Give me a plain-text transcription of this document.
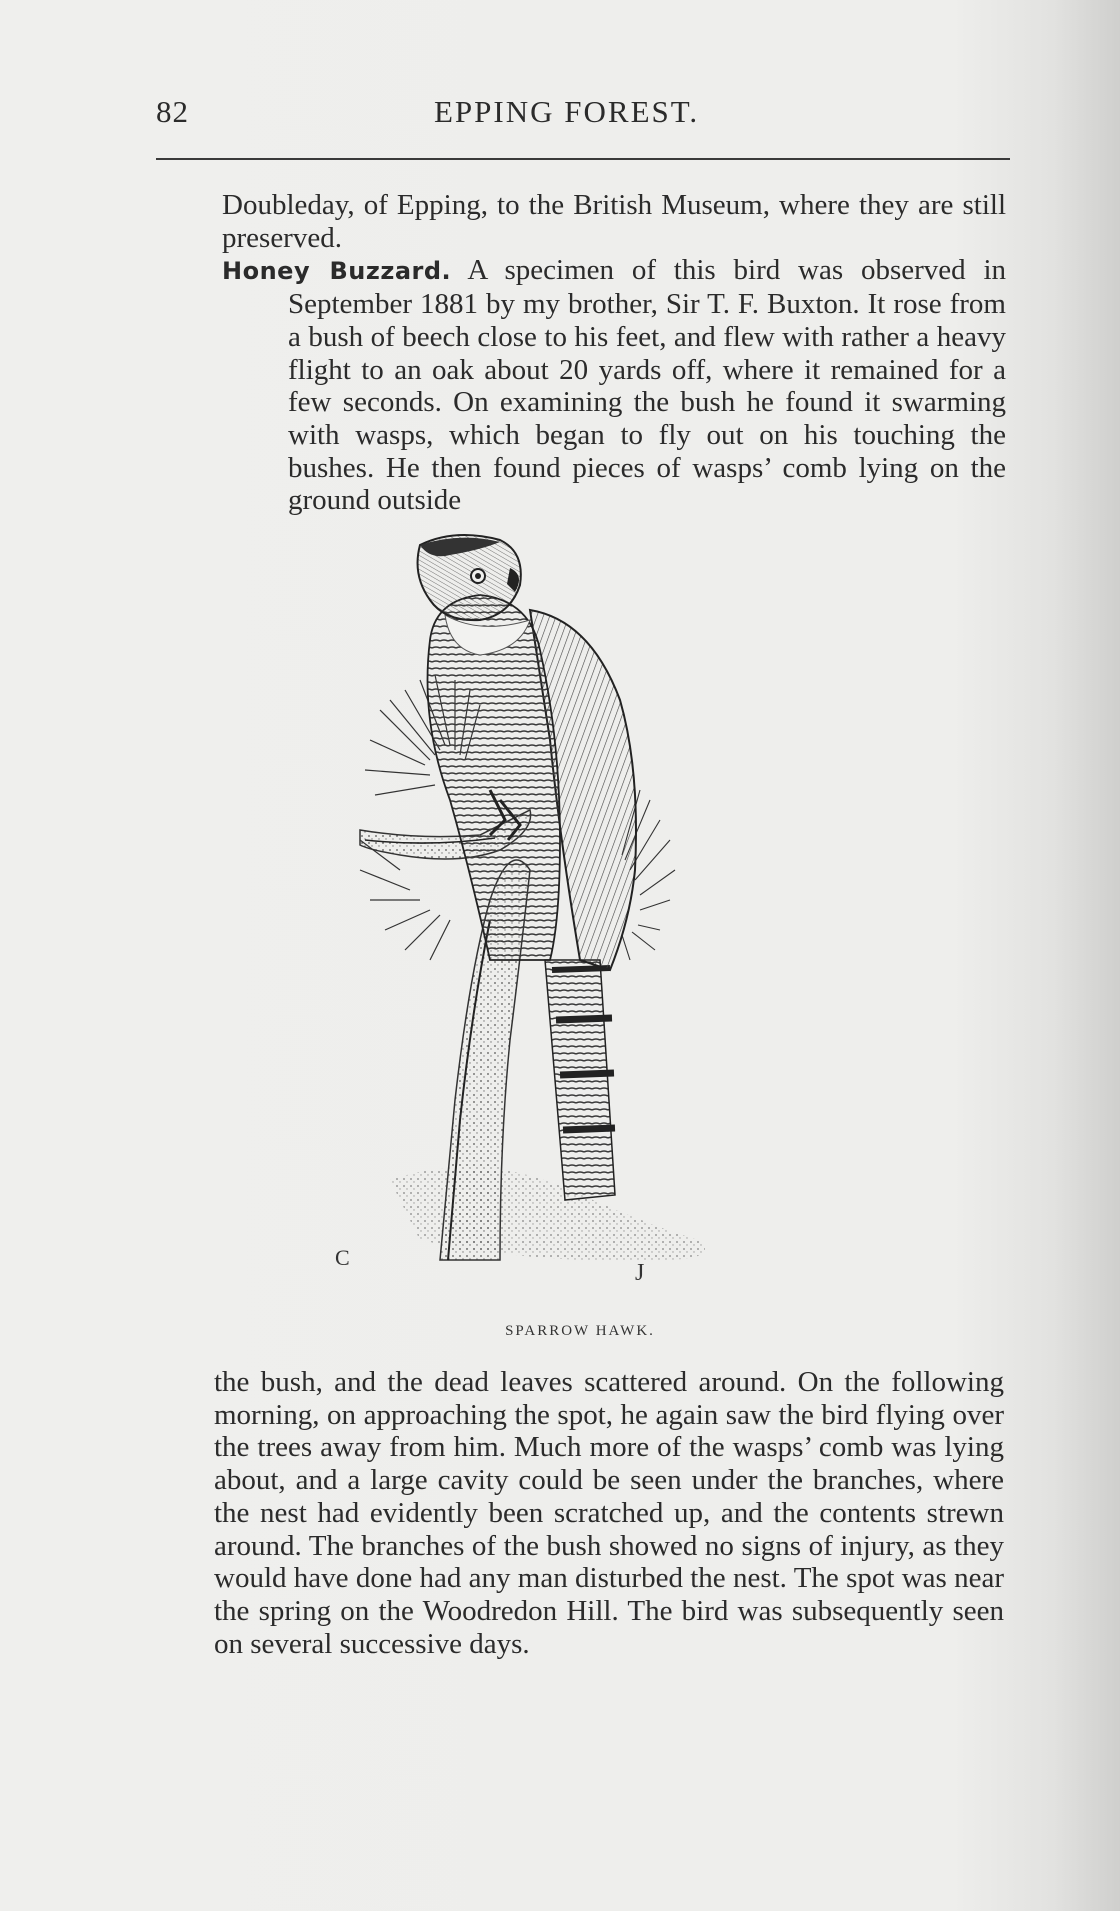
82	EPPING FOREST.

Doubleday, of Epping, to the British Museum, where they are still preserved.

Honey Buzzard. A specimen of this bird was observed in September 1881 by my brother, Sir T. F. Buxton. It rose from a bush of beech close to his feet, and flew with rather a heavy flight to an oak about 20 yards off, where it remained for a few seconds. On examining the bush he found it swarming with wasps, which began to fly out on his touching the bushes. He then found pieces of wasps’ comb lying on the ground outside

C
J
SPARROW HAWK.

the bush, and the dead leaves scattered around. On the following morning, on approaching the spot, he again saw the bird flying over the trees away from him. Much more of the wasps’ comb was lying about, and a large cavity could be seen under the branches, where the nest had evidently been scratched up, and the contents strewn around. The branches of the bush showed no signs of injury, as they would have done had any man disturbed the nest. The spot was near the spring on the Woodredon Hill. The bird was subsequently seen on several successive days.
